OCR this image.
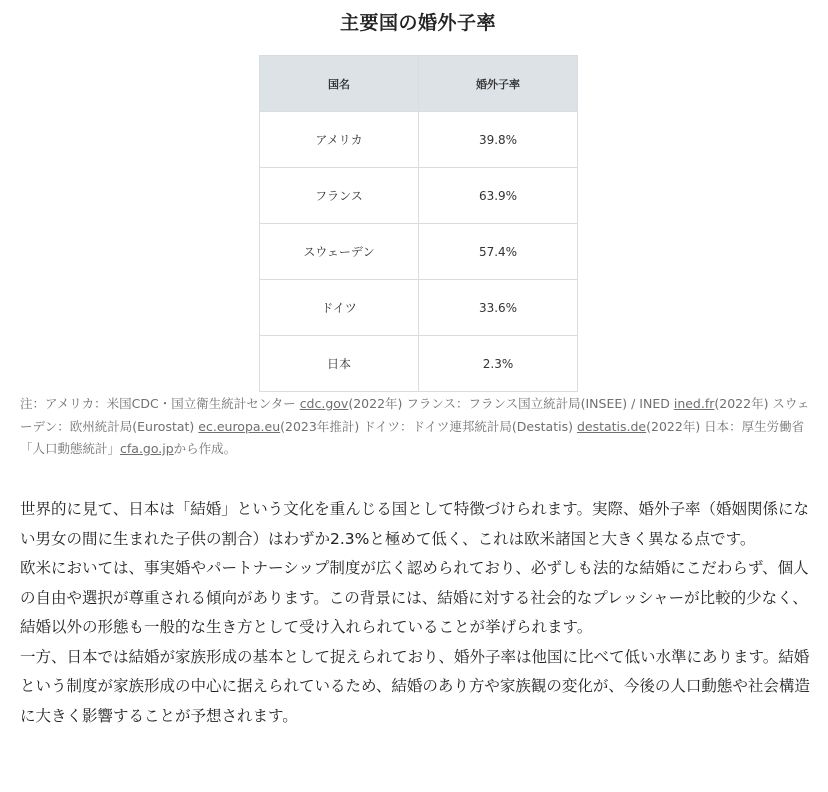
主要国の婚外子率
国名	婚外子率
アメリカ	39.8%
フランス	63.9%
スウェーデン	57.4%
ドイツ	33.6%
日本	2.3%
注：アメリカ：米国CDC・国立衛生統計センター cdc.gov(2022年) フランス：フランス国立統計局(INSEE) / INED ined.fr(2022年) スウェーデン：欧州統計局(Eurostat) ec.europa.eu(2023年推計) ドイツ：ドイツ連邦統計局(Destatis) destatis.de(2022年) 日本：厚生労働省「人口動態統計」cfa.go.jpから作成。

世界的に見て、日本は「結婚」という文化を重んじる国として特徴づけられます。実際、婚外子率（婚姻関係にない男女の間に生まれた子供の割合）はわずか2.3%と極めて低く、これは欧米諸国と大きく異なる点です。

欧米においては、事実婚やパートナーシップ制度が広く認められており、必ずしも法的な結婚にこだわらず、個人の自由や選択が尊重される傾向があります。この背景には、結婚に対する社会的なプレッシャーが比較的少なく、結婚以外の形態も一般的な生き方として受け入れられていることが挙げられます。

一方、日本では結婚が家族形成の基本として捉えられており、婚外子率は他国に比べて低い水準にあります。結婚という制度が家族形成の中心に据えられているため、結婚のあり方や家族観の変化が、今後の人口動態や社会構造に大きく影響することが予想されます。
